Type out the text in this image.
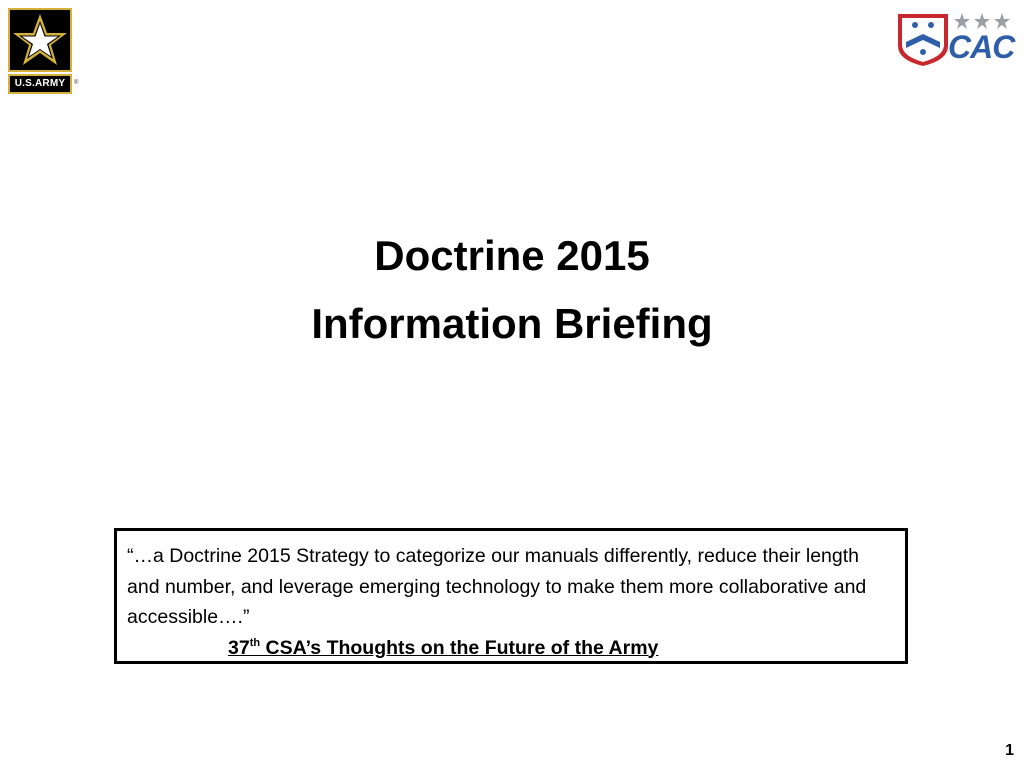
U.S.ARMY	®
CAC
Doctrine 2015
Information Briefing
“…a Doctrine 2015 Strategy to categorize our manuals differently, reduce their length and number, and leverage emerging technology to make them more collaborative and accessible….”
37th CSA’s Thoughts on the Future of the Army
1
